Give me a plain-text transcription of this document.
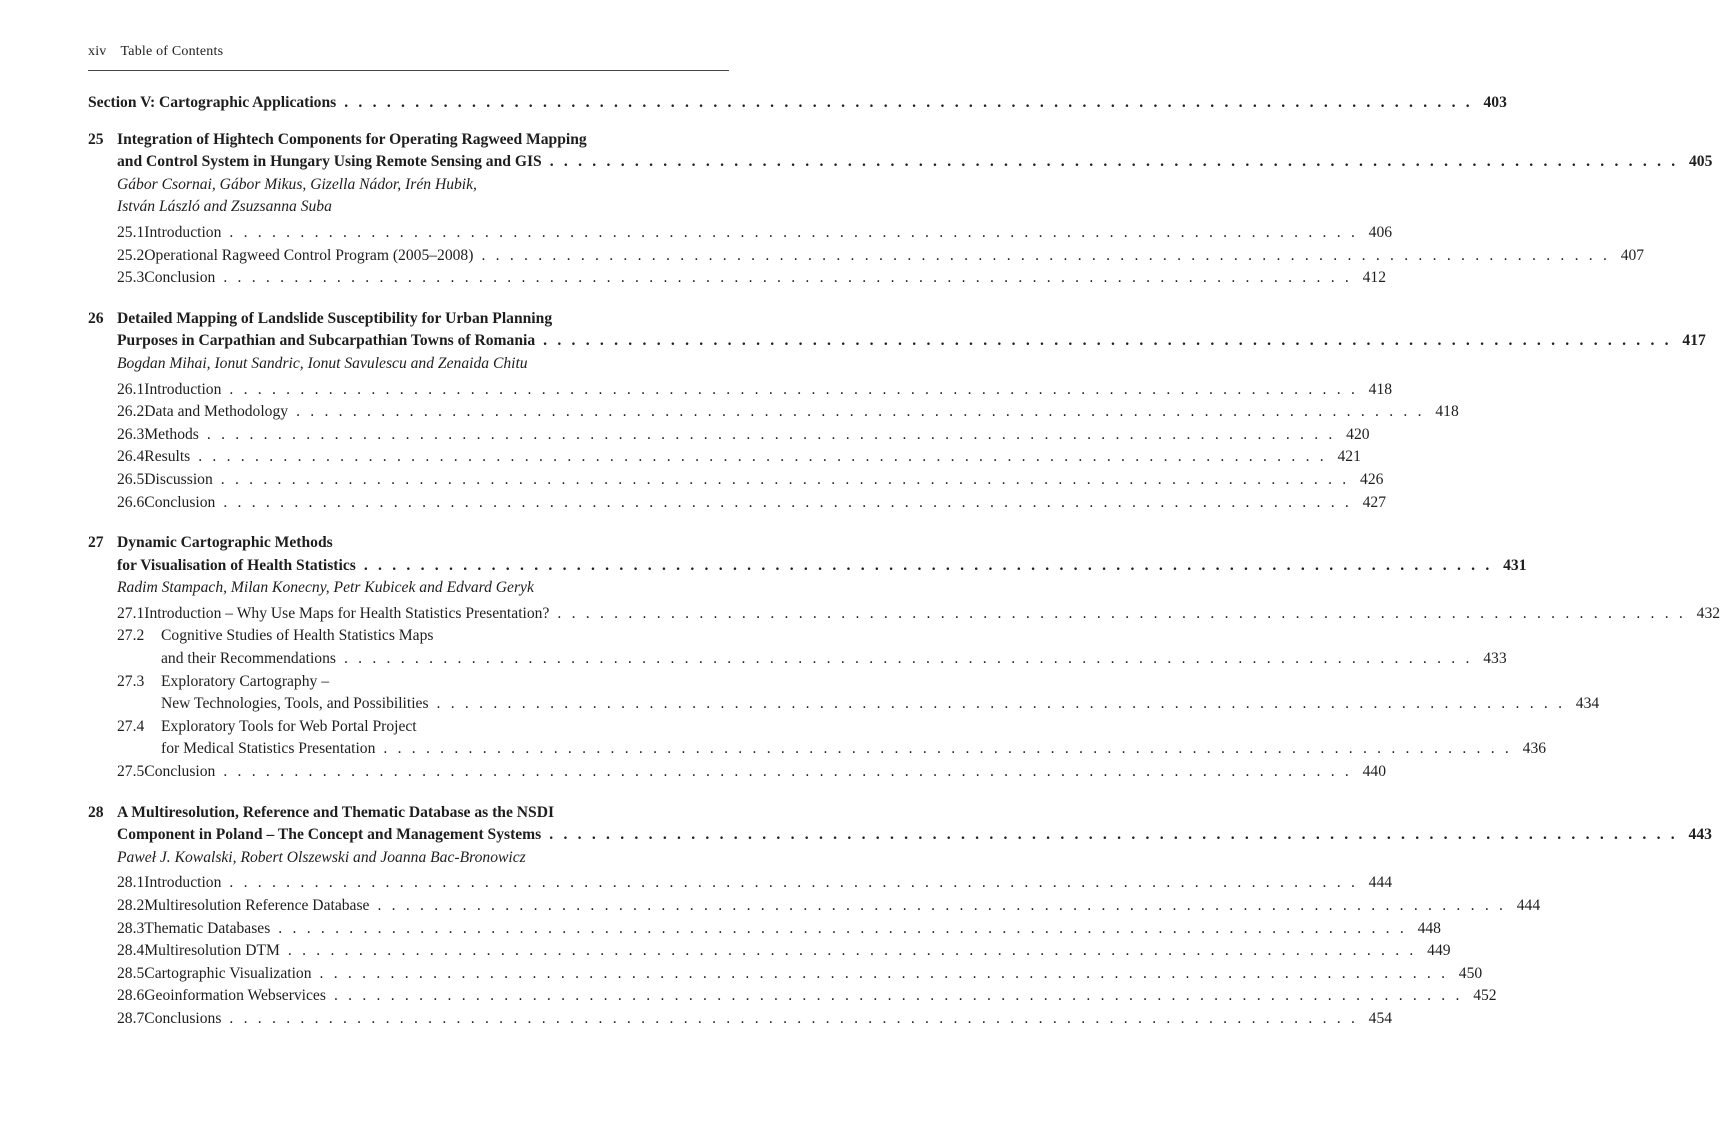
xiv Table of Contents
Section V: Cartographic Applications . . . . . . . . . . . . . . . . . . . . . . . . . . . . . . . . . . . . . . . . . . . . . . . . . . . . . . . . . . . . . . . . . . . . . . . . . . . . . . . . 403
25 Integration of Hightech Components for Operating Ragweed Mapping
and Control System in Hungary Using Remote Sensing and GIS . . . . . . . . . . . . . . . . . . . . . . . . . . . . . . . . . . . . . . . . . . . . . . . . . . . . . . . . . . . . . . . . . . . . . . . . . . . . . . . . 405
Gábor Csornai, Gábor Mikus, Gizella Nádor, Irén Hubik,
István László and Zsuzsanna Suba
25.1 Introduction . . . . . . . . . . . . . . . . . . . . . . . . . . . . . . . . . . . . . . . . . . . . . . . . . . . . . . . . . . . . . . . . . . . . . . . . . . . . . . . . 406
25.2 Operational Ragweed Control Program (2005–2008) . . . . . . . . . . . . . . . . . . . . . . . . . . . . . . . . . . . . . . . . . . . . . . . . . . . . . . . . . . . . . . . . . . . . . . . . . . . . . . . . 407
25.3 Conclusion . . . . . . . . . . . . . . . . . . . . . . . . . . . . . . . . . . . . . . . . . . . . . . . . . . . . . . . . . . . . . . . . . . . . . . . . . . . . . . . . 412
26 Detailed Mapping of Landslide Susceptibility for Urban Planning
Purposes in Carpathian and Subcarpathian Towns of Romania . . . . . . . . . . . . . . . . . . . . . . . . . . . . . . . . . . . . . . . . . . . . . . . . . . . . . . . . . . . . . . . . . . . . . . . . . . . . . . . . 417
Bogdan Mihai, Ionut Sandric, Ionut Savulescu and Zenaida Chitu
26.1 Introduction . . . . . . . . . . . . . . . . . . . . . . . . . . . . . . . . . . . . . . . . . . . . . . . . . . . . . . . . . . . . . . . . . . . . . . . . . . . . . . . . 418
26.2 Data and Methodology . . . . . . . . . . . . . . . . . . . . . . . . . . . . . . . . . . . . . . . . . . . . . . . . . . . . . . . . . . . . . . . . . . . . . . . . . . . . . . . . 418
26.3 Methods . . . . . . . . . . . . . . . . . . . . . . . . . . . . . . . . . . . . . . . . . . . . . . . . . . . . . . . . . . . . . . . . . . . . . . . . . . . . . . . . 420
26.4 Results . . . . . . . . . . . . . . . . . . . . . . . . . . . . . . . . . . . . . . . . . . . . . . . . . . . . . . . . . . . . . . . . . . . . . . . . . . . . . . . . 421
26.5 Discussion . . . . . . . . . . . . . . . . . . . . . . . . . . . . . . . . . . . . . . . . . . . . . . . . . . . . . . . . . . . . . . . . . . . . . . . . . . . . . . . . 426
26.6 Conclusion . . . . . . . . . . . . . . . . . . . . . . . . . . . . . . . . . . . . . . . . . . . . . . . . . . . . . . . . . . . . . . . . . . . . . . . . . . . . . . . . 427
27 Dynamic Cartographic Methods
for Visualisation of Health Statistics . . . . . . . . . . . . . . . . . . . . . . . . . . . . . . . . . . . . . . . . . . . . . . . . . . . . . . . . . . . . . . . . . . . . . . . . . . . . . . . . 431
Radim Stampach, Milan Konecny, Petr Kubicek and Edvard Geryk
27.1 Introduction – Why Use Maps for Health Statistics Presentation? . . . . . . . . . . . . . . . . . . . . . . . . . . . . . . . . . . . . . . . . . . . . . . . . . . . . . . . . . . . . . . . . . . . . . . . . . . . . . . . . 432
27.2	Cognitive Studies of Health Statistics Maps
and their Recommendations . . . . . . . . . . . . . . . . . . . . . . . . . . . . . . . . . . . . . . . . . . . . . . . . . . . . . . . . . . . . . . . . . . . . . . . . . . . . . . . . 433
27.3	Exploratory Cartography –
New Technologies, Tools, and Possibilities . . . . . . . . . . . . . . . . . . . . . . . . . . . . . . . . . . . . . . . . . . . . . . . . . . . . . . . . . . . . . . . . . . . . . . . . . . . . . . . . 434
27.4	Exploratory Tools for Web Portal Project
for Medical Statistics Presentation . . . . . . . . . . . . . . . . . . . . . . . . . . . . . . . . . . . . . . . . . . . . . . . . . . . . . . . . . . . . . . . . . . . . . . . . . . . . . . . . 436
27.5 Conclusion . . . . . . . . . . . . . . . . . . . . . . . . . . . . . . . . . . . . . . . . . . . . . . . . . . . . . . . . . . . . . . . . . . . . . . . . . . . . . . . . 440
28 A Multiresolution, Reference and Thematic Database as the NSDI
Component in Poland – The Concept and Management Systems . . . . . . . . . . . . . . . . . . . . . . . . . . . . . . . . . . . . . . . . . . . . . . . . . . . . . . . . . . . . . . . . . . . . . . . . . . . . . . . . 443
Paweł J. Kowalski, Robert Olszewski and Joanna Bac-Bronowicz
28.1 Introduction . . . . . . . . . . . . . . . . . . . . . . . . . . . . . . . . . . . . . . . . . . . . . . . . . . . . . . . . . . . . . . . . . . . . . . . . . . . . . . . . 444
28.2 Multiresolution Reference Database . . . . . . . . . . . . . . . . . . . . . . . . . . . . . . . . . . . . . . . . . . . . . . . . . . . . . . . . . . . . . . . . . . . . . . . . . . . . . . . . 444
28.3 Thematic Databases . . . . . . . . . . . . . . . . . . . . . . . . . . . . . . . . . . . . . . . . . . . . . . . . . . . . . . . . . . . . . . . . . . . . . . . . . . . . . . . . 448
28.4 Multiresolution DTM . . . . . . . . . . . . . . . . . . . . . . . . . . . . . . . . . . . . . . . . . . . . . . . . . . . . . . . . . . . . . . . . . . . . . . . . . . . . . . . . 449
28.5 Cartographic Visualization . . . . . . . . . . . . . . . . . . . . . . . . . . . . . . . . . . . . . . . . . . . . . . . . . . . . . . . . . . . . . . . . . . . . . . . . . . . . . . . . 450
28.6 Geoinformation Webservices . . . . . . . . . . . . . . . . . . . . . . . . . . . . . . . . . . . . . . . . . . . . . . . . . . . . . . . . . . . . . . . . . . . . . . . . . . . . . . . . 452
28.7 Conclusions . . . . . . . . . . . . . . . . . . . . . . . . . . . . . . . . . . . . . . . . . . . . . . . . . . . . . . . . . . . . . . . . . . . . . . . . . . . . . . . . 454
